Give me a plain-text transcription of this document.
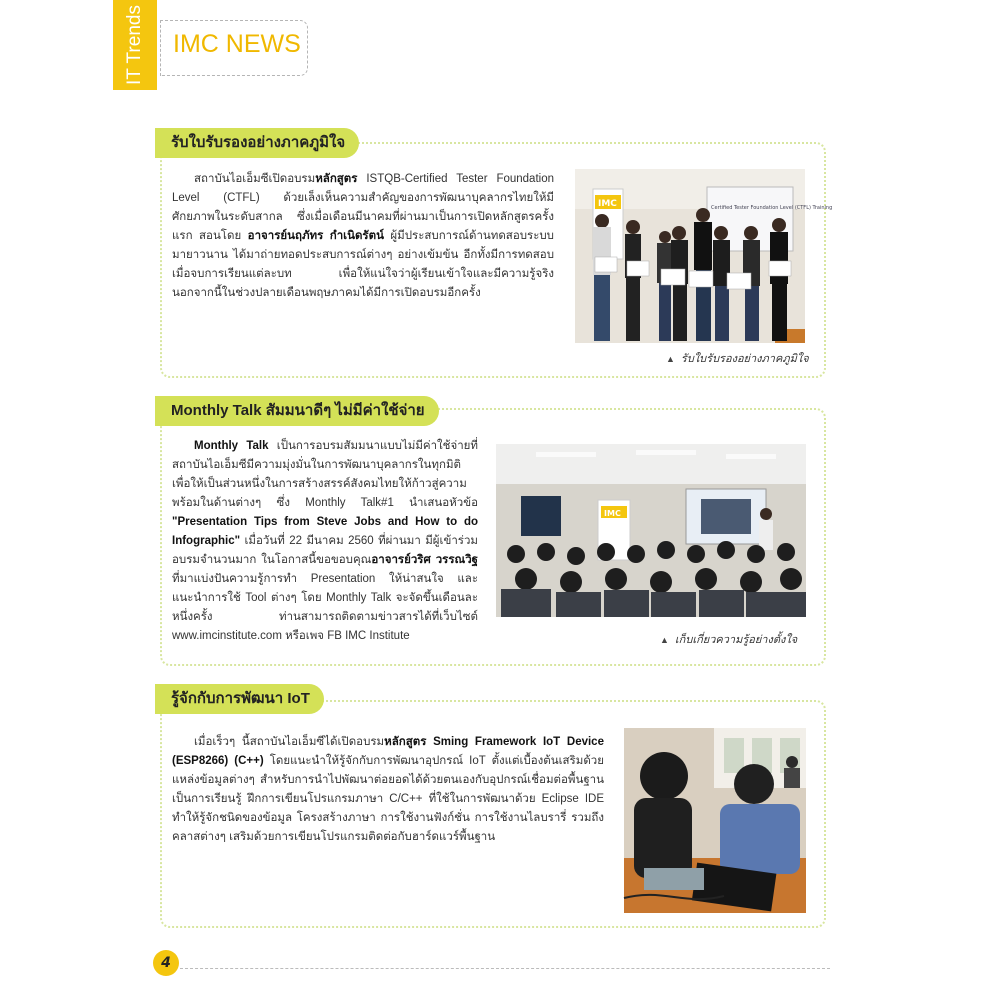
IT Trends	IMC NEWS
รับใบรับรองอย่างภาคภูมิใจ
สถาบันไอเอ็มซีเปิดอบรมหลักสูตร ISTQB-Certified Tester Foundation Level (CTFL) ด้วยเล็งเห็นความสำคัญของการพัฒนาบุคลากรไทยให้มีศักยภาพในระดับสากล ซึ่งเมื่อเดือนมีนาคมที่ผ่านมาเป็นการเปิดหลักสูตรครั้งแรก สอนโดย อาจารย์นฤภัทร กำเนิดรัตน์ ผู้มีประสบการณ์ด้านทดสอบระบบมายาวนาน ได้มาถ่ายทอดประสบการณ์ต่างๆ อย่างเข้มข้น อีกทั้งมีการทดสอบเมื่อจบการเรียนแต่ละบท เพื่อให้แน่ใจว่าผู้เรียนเข้าใจและมีความรู้จริง นอกจากนี้ในช่วงปลายเดือนพฤษภาคมได้มีการเปิดอบรมอีกครั้ง
Certified Tester Foundation Level (CTFL) Training
IMC
▲ รับใบรับรองอย่างภาคภูมิใจ
Monthly Talk สัมมนาดีๆ ไม่มีค่าใช้จ่าย
Monthly Talk เป็นการอบรมสัมมนาแบบไม่มีค่าใช้จ่ายที่สถาบันไอเอ็มซีมีความมุ่งมั่นในการพัฒนาบุคลากรในทุกมิติ เพื่อให้เป็นส่วนหนึ่งในการสร้างสรรค์สังคมไทยให้ก้าวสู่ความพร้อมในด้านต่างๆ ซึ่ง Monthly Talk#1 นำเสนอหัวข้อ "Presentation Tips from Steve Jobs and How to do Infographic" เมื่อวันที่ 22 มีนาคม 2560 ที่ผ่านมา มีผู้เข้าร่วมอบรมจำนวนมาก ในโอกาสนี้ขอขอบคุณอาจารย์วริศ วรรณวิฐ ที่มาแบ่งปันความรู้การทำ Presentation ให้น่าสนใจ และแนะนำการใช้ Tool ต่างๆ โดย Monthly Talk จะจัดขึ้นเดือนละหนึ่งครั้ง ท่านสามารถติดตามข่าวสารได้ที่เว็บไซต์ www.imcinstitute.com หรือเพจ FB IMC Institute
IMC
▲ เก็บเกี่ยวความรู้อย่างตั้งใจ
รู้จักกับการพัฒนา IoT
เมื่อเร็วๆ นี้สถาบันไอเอ็มซีได้เปิดอบรมหลักสูตร Sming Framework IoT Device (ESP8266) (C++) โดยแนะนำให้รู้จักกับการพัฒนาอุปกรณ์ IoT ตั้งแต่เบื้องต้นเสริมด้วยแหล่งข้อมูลต่างๆ สำหรับการนำไปพัฒนาต่อยอดได้ด้วยตนเองกับอุปกรณ์เชื่อมต่อพื้นฐาน เป็นการเรียนรู้ ฝึกการเขียนโปรแกรมภาษา C/C++ ที่ใช้ในการพัฒนาด้วย Eclipse IDE ทำให้รู้จักชนิดของข้อมูล โครงสร้างภาษา การใช้งานฟังก์ชั่น การใช้งานไลบรารี่ รวมถึงคลาสต่างๆ เสริมด้วยการเขียนโปรแกรมติดต่อกับฮาร์ดแวร์พื้นฐาน
4
